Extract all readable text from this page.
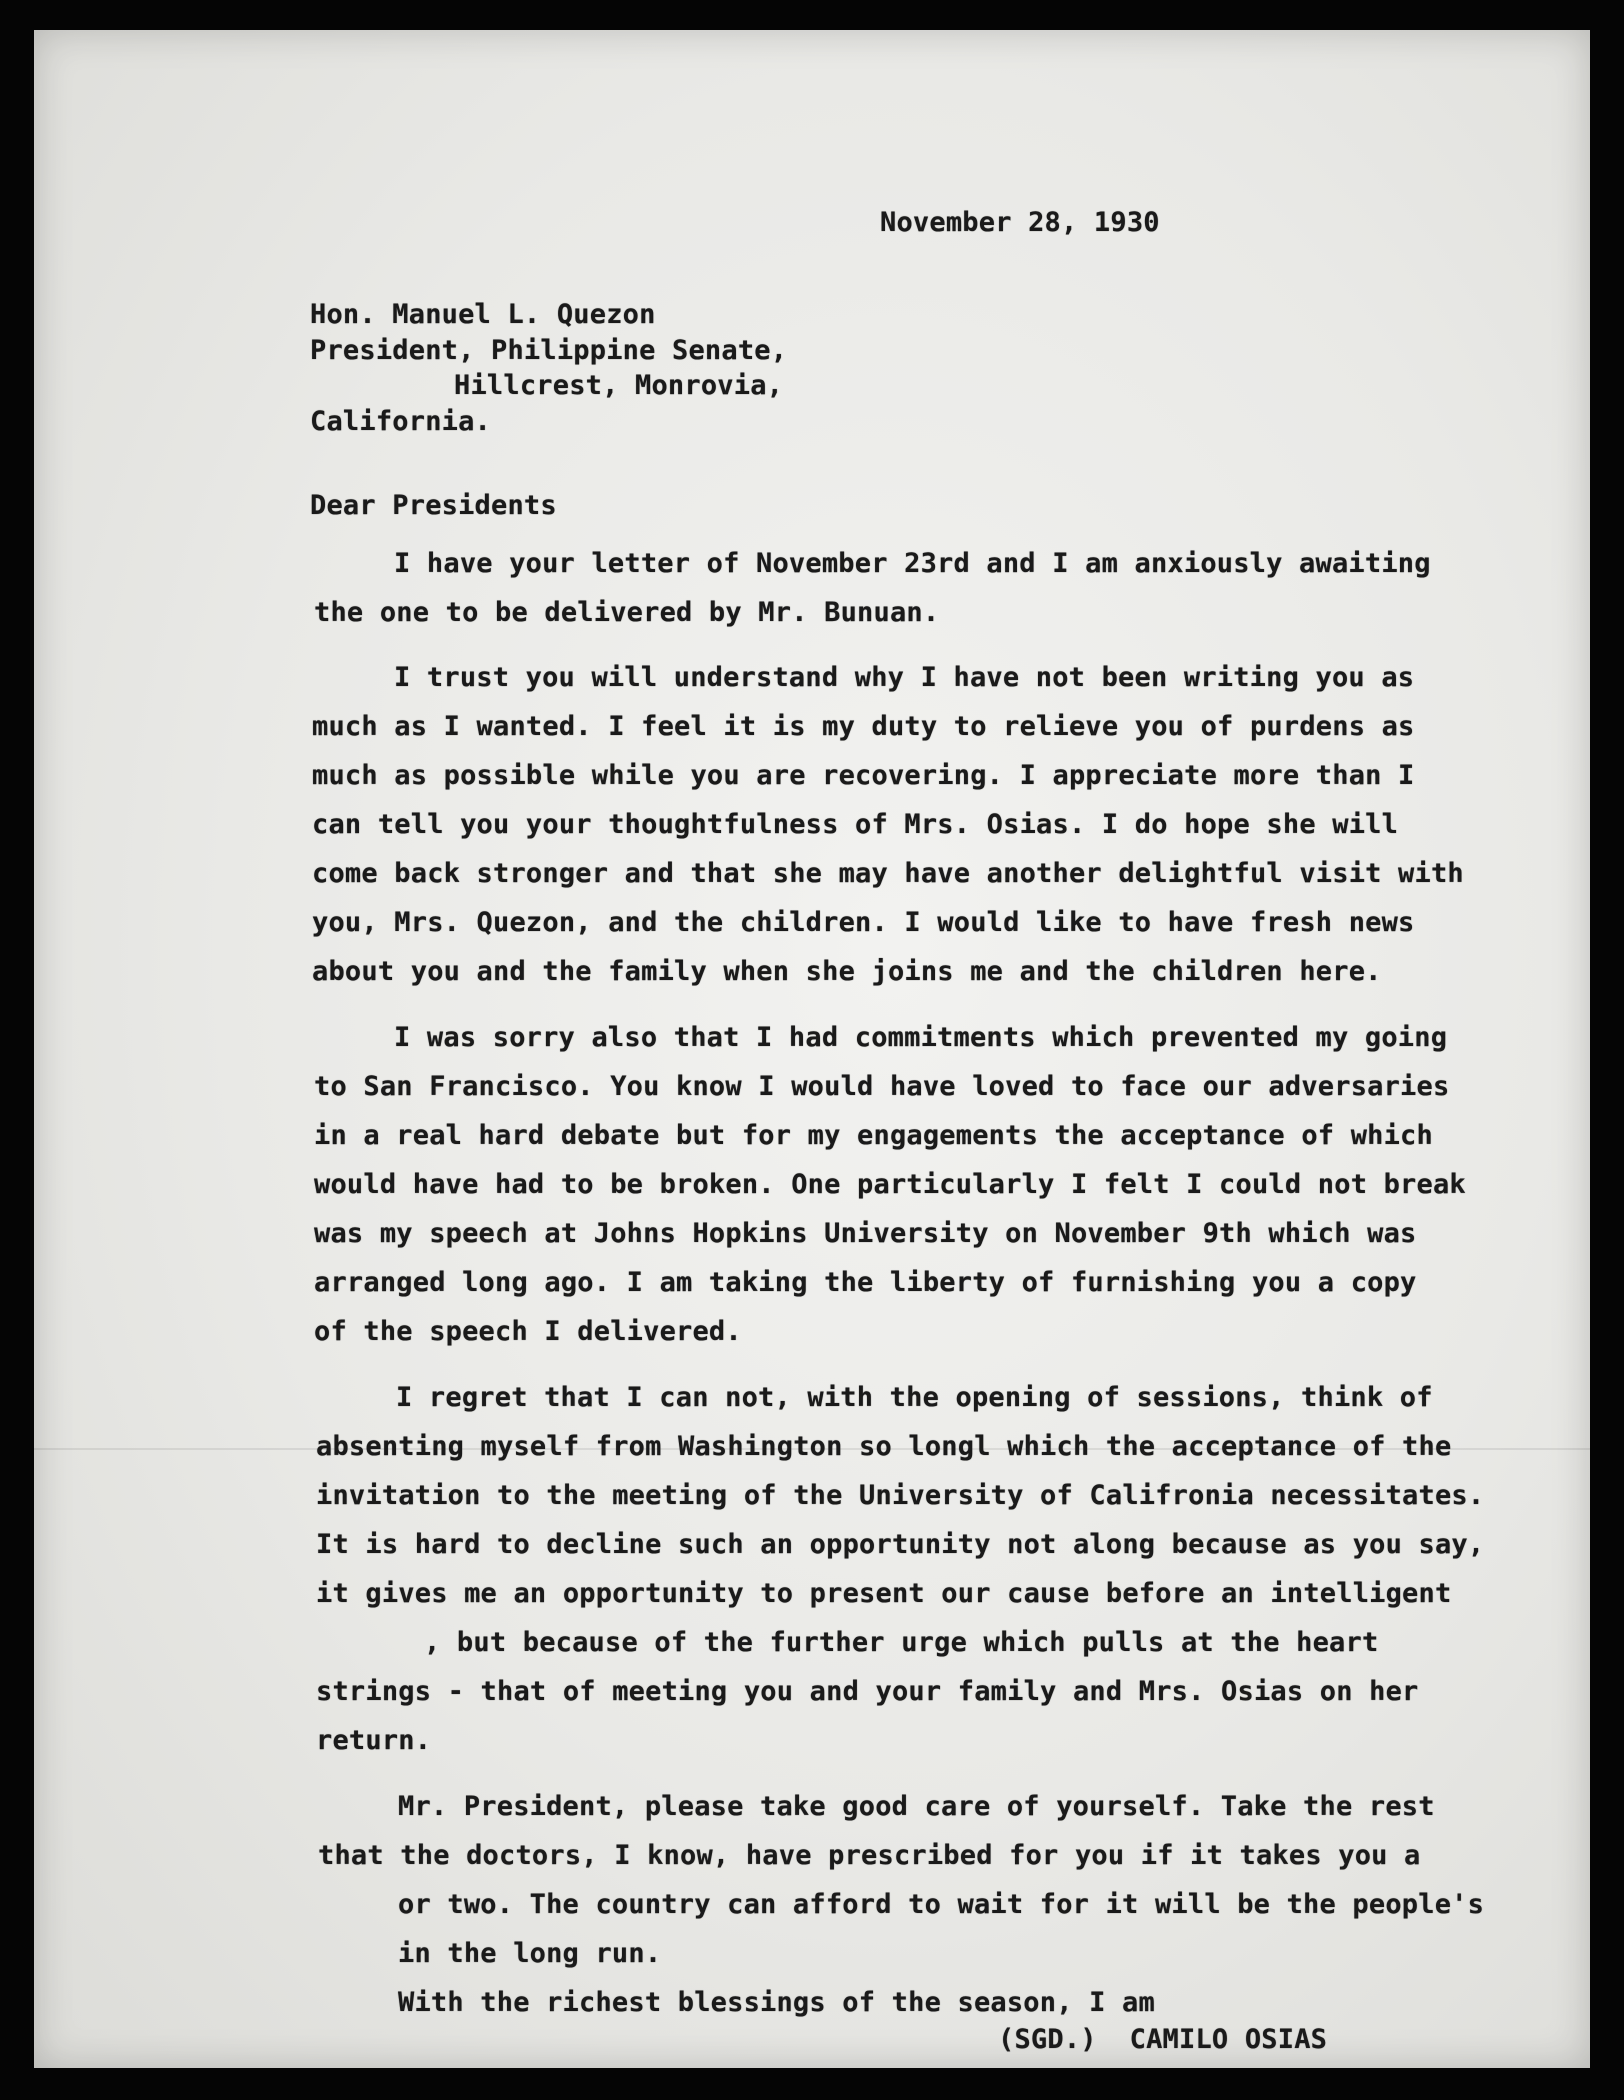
November 28, 1930
Hon. Manuel L. Quezon
President, Philippine Senate,
Hillcrest, Monrovia,
California.
Dear Presidents
I have your letter of November 23rd and I am anxiously awaiting
the one to be delivered by Mr. Bunuan.
I trust you will understand why I have not been writing you as
much as I wanted. I feel it is my duty to relieve you of purdens as
much as possible while you are recovering. I appreciate more than I
can tell you your thoughtfulness of Mrs. Osias. I do hope she will
come back stronger and that she may have another delightful visit with
you, Mrs. Quezon, and the children. I would like to have fresh news
about you and the family when she joins me and the children here.
I was sorry also that I had commitments which prevented my going
to San Francisco. You know I would have loved to face our adversaries
in a real hard debate but for my engagements the acceptance of which
would have had to be broken. One particularly I felt I could not break
was my speech at Johns Hopkins University on November 9th which was
arranged long ago. I am taking the liberty of furnishing you a copy
of the speech I delivered.
I regret that I can not, with the opening of sessions, think of
absenting myself from Washington so longl which the acceptance of the
invitation to the meeting of the University of Califronia necessitates.
It is hard to decline such an opportunity not along because as you say,
it gives me an opportunity to present our cause before an intelligent
, but because of the further urge which pulls at the heart
strings - that of meeting you and your family and Mrs. Osias on her
return.
Mr. President, please take good care of yourself. Take the rest
that the doctors, I know, have prescribed for you if it takes you a
or two. The country can afford to wait for it will be the people's
in the long run.
With the richest blessings of the season, I am
(SGD.)  CAMILO OSIAS
